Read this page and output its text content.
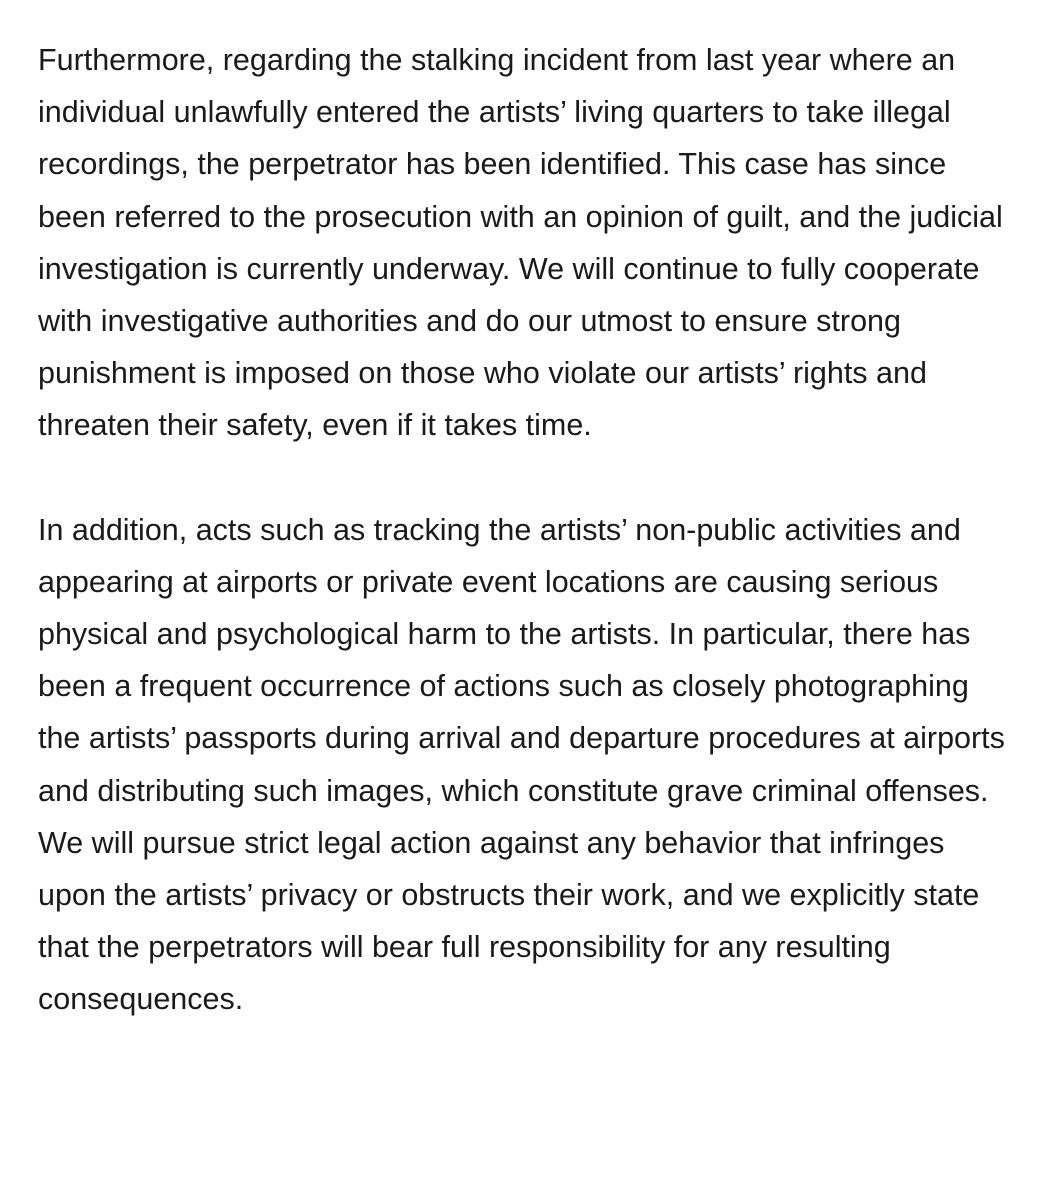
Furthermore, regarding the stalking incident from last year where an individual unlawfully entered the artists’ living quarters to take illegal recordings, the perpetrator has been identified. This case has since been referred to the prosecution with an opinion of guilt, and the judicial investigation is currently underway. We will continue to fully cooperate with investigative authorities and do our utmost to ensure strong punishment is imposed on those who violate our artists’ rights and threaten their safety, even if it takes time.

In addition, acts such as tracking the artists’ non-public activities and appearing at airports or private event locations are causing serious physical and psychological harm to the artists. In particular, there has been a frequent occurrence of actions such as closely photographing the artists’ passports during arrival and departure procedures at airports and distributing such images, which constitute grave criminal offenses. We will pursue strict legal action against any behavior that infringes upon the artists’ privacy or obstructs their work, and we explicitly state that the perpetrators will bear full responsibility for any resulting consequences.
